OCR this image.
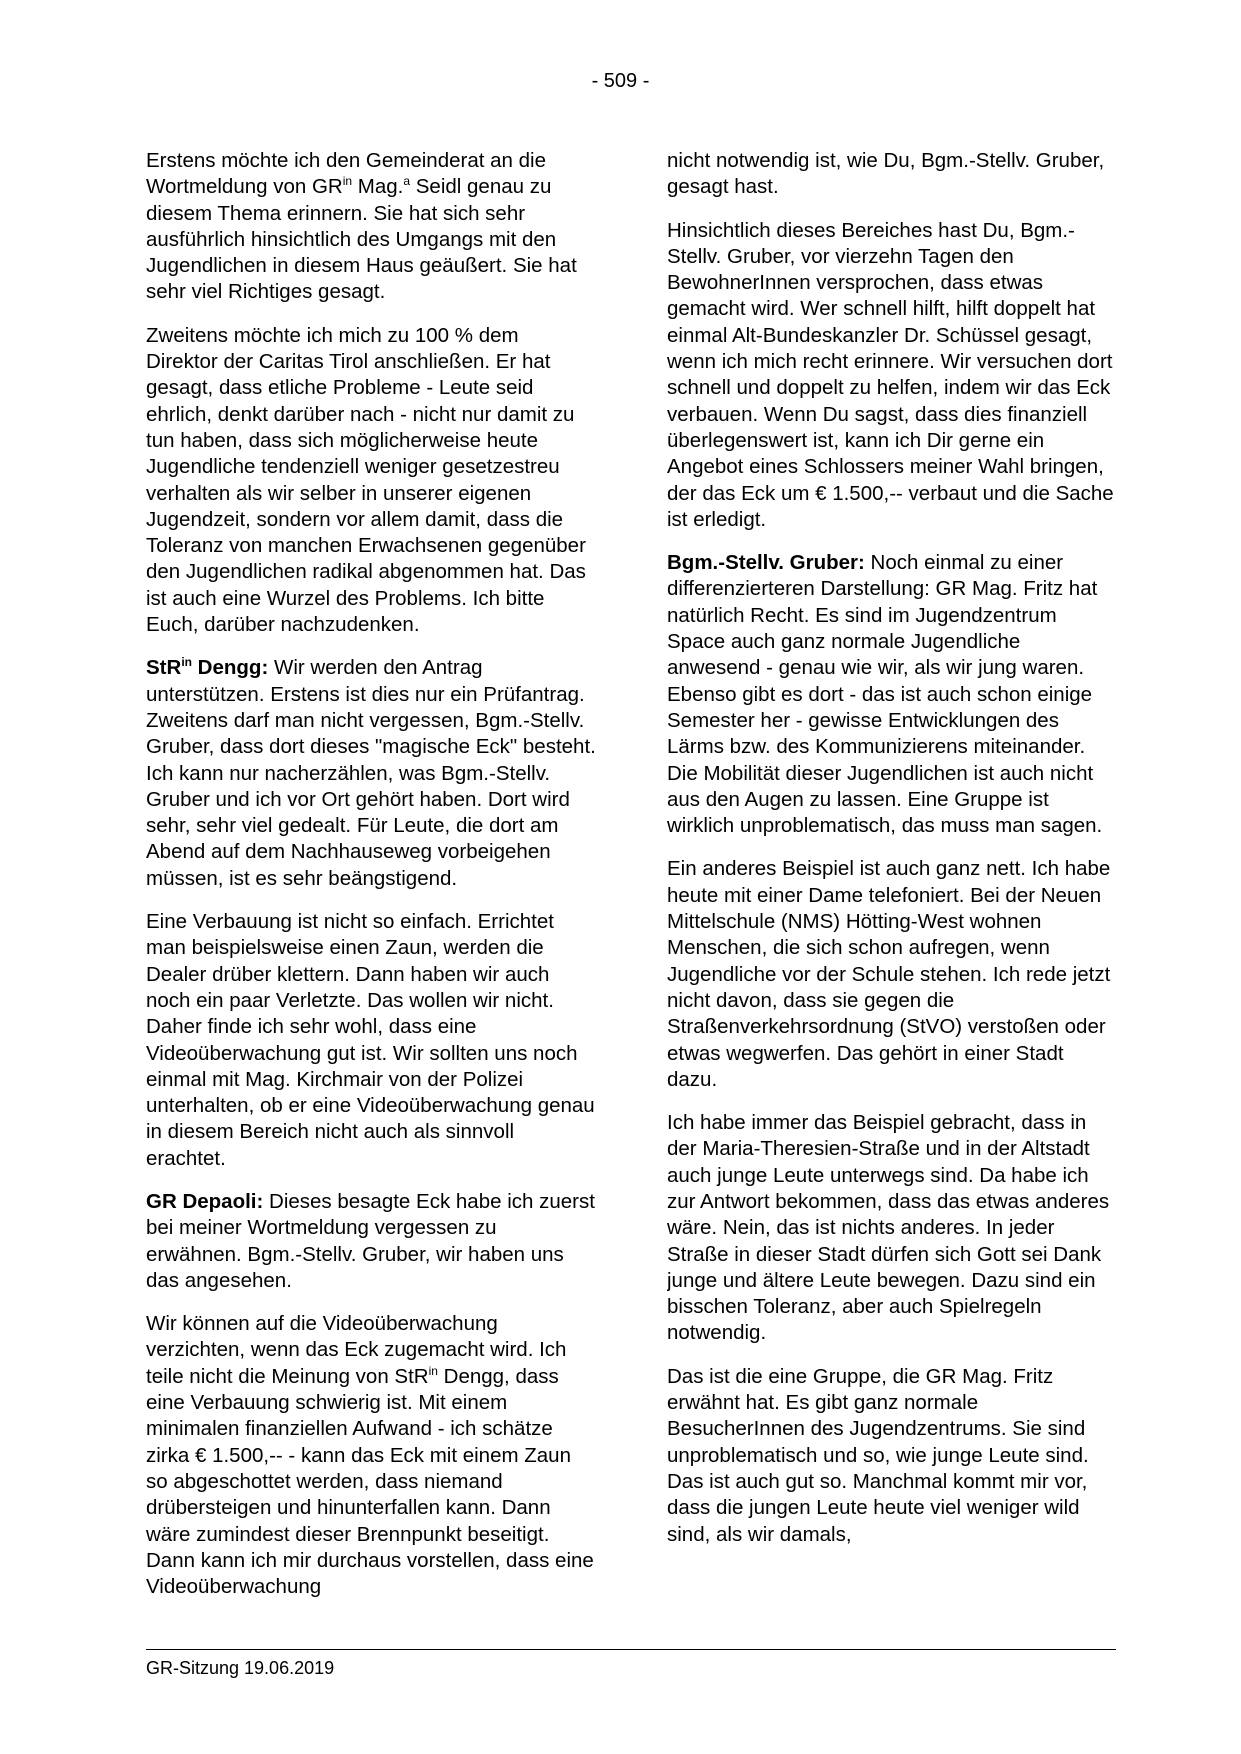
- 509 -

Erstens möchte ich den Gemeinderat an die Wortmeldung von $GR^{in}$ Mag.$^a$ Seidl genau zu diesem Thema erinnern. Sie hat sich sehr ausführlich hinsichtlich des Umgangs mit den Jugendlichen in diesem Haus geäußert. Sie hat sehr viel Richtiges gesagt.

Zweitens möchte ich mich zu 100 % dem Direktor der Caritas Tirol anschließen. Er hat gesagt, dass etliche Probleme - Leute seid ehrlich, denkt darüber nach - nicht nur damit zu tun haben, dass sich möglicherweise heute Jugendliche tendenziell weniger gesetzestreu verhalten als wir selber in unserer eigenen Jugendzeit, sondern vor allem damit, dass die Toleranz von manchen Erwachsenen gegenüber den Jugendlichen radikal abgenommen hat. Das ist auch eine Wurzel des Problems. Ich bitte Euch, darüber nachzudenken.

StR$^{in}$ Dengg: Wir werden den Antrag unterstützen. Erstens ist dies nur ein Prüfantrag. Zweitens darf man nicht vergessen, Bgm.-Stellv. Gruber, dass dort dieses "magische Eck" besteht. Ich kann nur nacherzählen, was Bgm.-Stellv. Gruber und ich vor Ort gehört haben. Dort wird sehr, sehr viel gedealt. Für Leute, die dort am Abend auf dem Nachhauseweg vorbeigehen müssen, ist es sehr beängstigend.

Eine Verbauung ist nicht so einfach. Errichtet man beispielsweise einen Zaun, werden die Dealer drüber klettern. Dann haben wir auch noch ein paar Verletzte. Das wollen wir nicht. Daher finde ich sehr wohl, dass eine Videoüberwachung gut ist. Wir sollten uns noch einmal mit Mag. Kirchmair von der Polizei unterhalten, ob er eine Videoüberwachung genau in diesem Bereich nicht auch als sinnvoll erachtet.

GR Depaoli: Dieses besagte Eck habe ich zuerst bei meiner Wortmeldung vergessen zu erwähnen. Bgm.-Stellv. Gruber, wir haben uns das angesehen.

Wir können auf die Videoüberwachung verzichten, wenn das Eck zugemacht wird. Ich teile nicht die Meinung von StR$^{in}$ Dengg, dass eine Verbauung schwierig ist. Mit einem minimalen finanziellen Aufwand - ich schätze zirka € 1.500,-- - kann das Eck mit einem Zaun so abgeschottet werden, dass niemand drübersteigen und hinunterfallen kann. Dann wäre zumindest dieser Brennpunkt beseitigt. Dann kann ich mir durchaus vorstellen, dass eine Videoüberwachung

nicht notwendig ist, wie Du, Bgm.-Stellv. Gruber, gesagt hast.

Hinsichtlich dieses Bereiches hast Du, Bgm.-Stellv. Gruber, vor vierzehn Tagen den BewohnerInnen versprochen, dass etwas gemacht wird. Wer schnell hilft, hilft doppelt hat einmal Alt-Bundeskanzler Dr. Schüssel gesagt, wenn ich mich recht erinnere. Wir versuchen dort schnell und doppelt zu helfen, indem wir das Eck verbauen. Wenn Du sagst, dass dies finanziell überlegenswert ist, kann ich Dir gerne ein Angebot eines Schlossers meiner Wahl bringen, der das Eck um € 1.500,-- verbaut und die Sache ist erledigt.

Bgm.-Stellv. Gruber: Noch einmal zu einer differenzierteren Darstellung: GR Mag. Fritz hat natürlich Recht. Es sind im Jugendzentrum Space auch ganz normale Jugendliche anwesend - genau wie wir, als wir jung waren. Ebenso gibt es dort - das ist auch schon einige Semester her - gewisse Entwicklungen des Lärms bzw. des Kommunizierens miteinander. Die Mobilität dieser Jugendlichen ist auch nicht aus den Augen zu lassen. Eine Gruppe ist wirklich unproblematisch, das muss man sagen.

Ein anderes Beispiel ist auch ganz nett. Ich habe heute mit einer Dame telefoniert. Bei der Neuen Mittelschule (NMS) Hötting-West wohnen Menschen, die sich schon aufregen, wenn Jugendliche vor der Schule stehen. Ich rede jetzt nicht davon, dass sie gegen die Straßenverkehrsordnung (StVO) verstoßen oder etwas wegwerfen. Das gehört in einer Stadt dazu.

Ich habe immer das Beispiel gebracht, dass in der Maria-Theresien-Straße und in der Altstadt auch junge Leute unterwegs sind. Da habe ich zur Antwort bekommen, dass das etwas anderes wäre. Nein, das ist nichts anderes. In jeder Straße in dieser Stadt dürfen sich Gott sei Dank junge und ältere Leute bewegen. Dazu sind ein bisschen Toleranz, aber auch Spielregeln notwendig.

Das ist die eine Gruppe, die GR Mag. Fritz erwähnt hat. Es gibt ganz normale BesucherInnen des Jugendzentrums. Sie sind unproblematisch und so, wie junge Leute sind. Das ist auch gut so. Manchmal kommt mir vor, dass die jungen Leute heute viel weniger wild sind, als wir damals,

GR-Sitzung 19.06.2019
